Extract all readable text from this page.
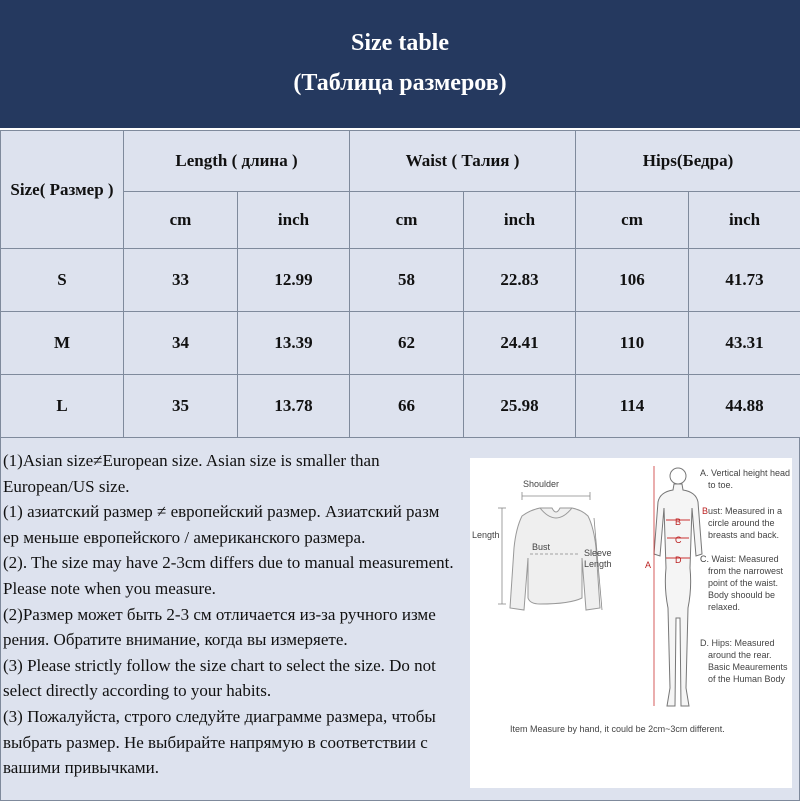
Size table
(Таблица размеров)
Size( Размер )	Length ( длина )		Waist ( Талия )		Hips(Бедра)	
	cm	inch	cm	inch	cm	inch
S	33	12.99	58	22.83	106	41.73
M	34	13.39	62	24.41	110	43.31
L	35	13.78	66	25.98	114	44.88
(1)Asian size≠European size. Asian size is smaller than
European/US size.
(1) азиатский размер ≠ европейский размер. Азиатский разм
ер меньше европейского / американского размера.
(2). The size may have 2-3cm differs due to manual measurement.
Please note when you measure.
(2)Размер может быть 2-3 см отличается из-за ручного изме
рения. Обратите внимание, когда вы измеряете.
(3) Please strictly follow the size chart to select the size. Do not
select directly according to your habits.
(3) Пожалуйста, строго следуйте диаграмме размера, чтобы
выбрать размер. Не выбирайте напрямую в соответствии с
вашими привычками.
Shoulder
Length
Bust
Sleeve
Length	A
B
C
D
A. Vertical height head
to toe.
Bust: Measured in a
circle around the
breasts and back.
C. Waist: Measured
from the narrowest
point of the waist.
Body shoould be
relaxed.
D. Hips: Measured
around the rear.
Basic Meaurements
of the Human Body
Item Measure by hand, it could be 2cm~3cm different.
